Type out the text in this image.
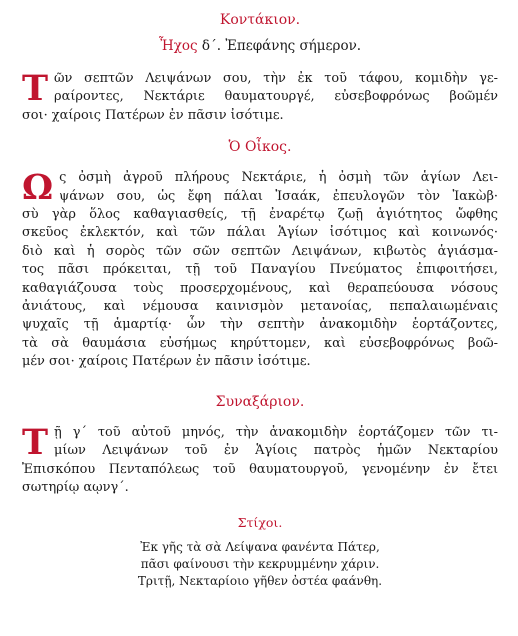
Κοντάκιον.
Ἦχος δ΄. Ἐπεφάνης σήμερον.
Τ ῶν σεπτῶν Λειψάνων σου, τὴν ἐκ τοῦ τάφου, κομιδὴν γε-
ραίροντες, Νεκτάριε θαυματουργέ, εὐσεβοφρόνως βοῶμέν
σοι· χαίροις Πατέρων ἐν πᾶσιν ἰσότιμε.
Ὁ Οἶκος.
Ω ς ὀσμὴ ἀγροῦ πλήρους Νεκτάριε, ἡ ὀσμὴ τῶν ἁγίων Λει-
ψάνων σου, ὡς ἔφη πάλαι Ἰσαάκ, ἐπευλογῶν τὸν Ἰακὼβ·
σὺ γὰρ ὅλος καθαγιασθείς, τῇ ἐναρέτῳ ζωῇ ἁγιότητος ὤφθης
σκεῦος ἐκλεκτόν, καὶ τῶν πάλαι Ἁγίων ἰσότιμος καὶ κοινωνός·
διὸ καὶ ἡ σορὸς τῶν σῶν σεπτῶν Λειψάνων, κιβωτὸς ἁγιάσμα-
τος πᾶσι πρόκειται, τῇ τοῦ Παναγίου Πνεύματος ἐπιφοιτήσει,
καθαγιάζουσα τοὺς προσερχομένους, καὶ θεραπεύουσα νόσους
ἀνιάτους, καὶ νέμουσα καινισμὸν μετανοίας, πεπαλαιωμέναις
ψυχαῖς τῇ ἁμαρτίᾳ· ὧν τὴν σεπτὴν ἀνακομιδὴν ἑορτάζοντες,
τὰ σὰ θαυμάσια εὐσήμως κηρύττομεν, καὶ εὐσεβοφρόνως βοῶ-
μέν σοι· χαίροις Πατέρων ἐν πᾶσιν ἰσότιμε.
Συναξάριον.
Τ ῇ γ΄ τοῦ αὐτοῦ μηνός, τὴν ἀνακομιδὴν ἑορτάζομεν τῶν τι-
μίων Λειψάνων τοῦ ἐν Ἁγίοις πατρὸς ἡμῶν Νεκταρίου
Ἐπισκόπου Πενταπόλεως τοῦ θαυματουργοῦ, γενομένην ἐν ἔτει
σωτηρίῳ αῳνγ΄.
Στίχοι.
Ἐκ γῆς τὰ σὰ Λείψανα φανέντα Πάτερ,
πᾶσι φαίνουσι τὴν κεκρυμμένην χάριν.
Τριτῇ, Νεκταρίοιο γῆθεν ὀστέα φαάνθη.
